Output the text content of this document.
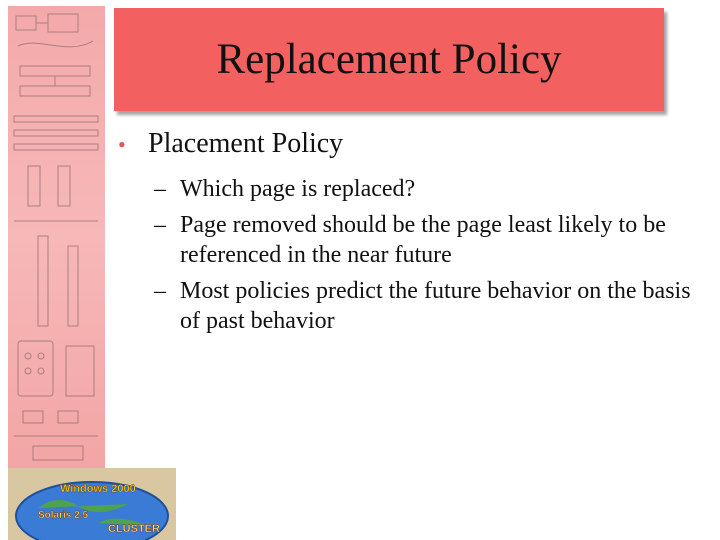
Windows 2000
Solaris 2.5
CLUSTER
Replacement Policy
• Placement Policy
– Which page is replaced?
– Page removed should be the page least likely to be referenced in the near future
– Most policies predict the future behavior on the basis of past behavior
